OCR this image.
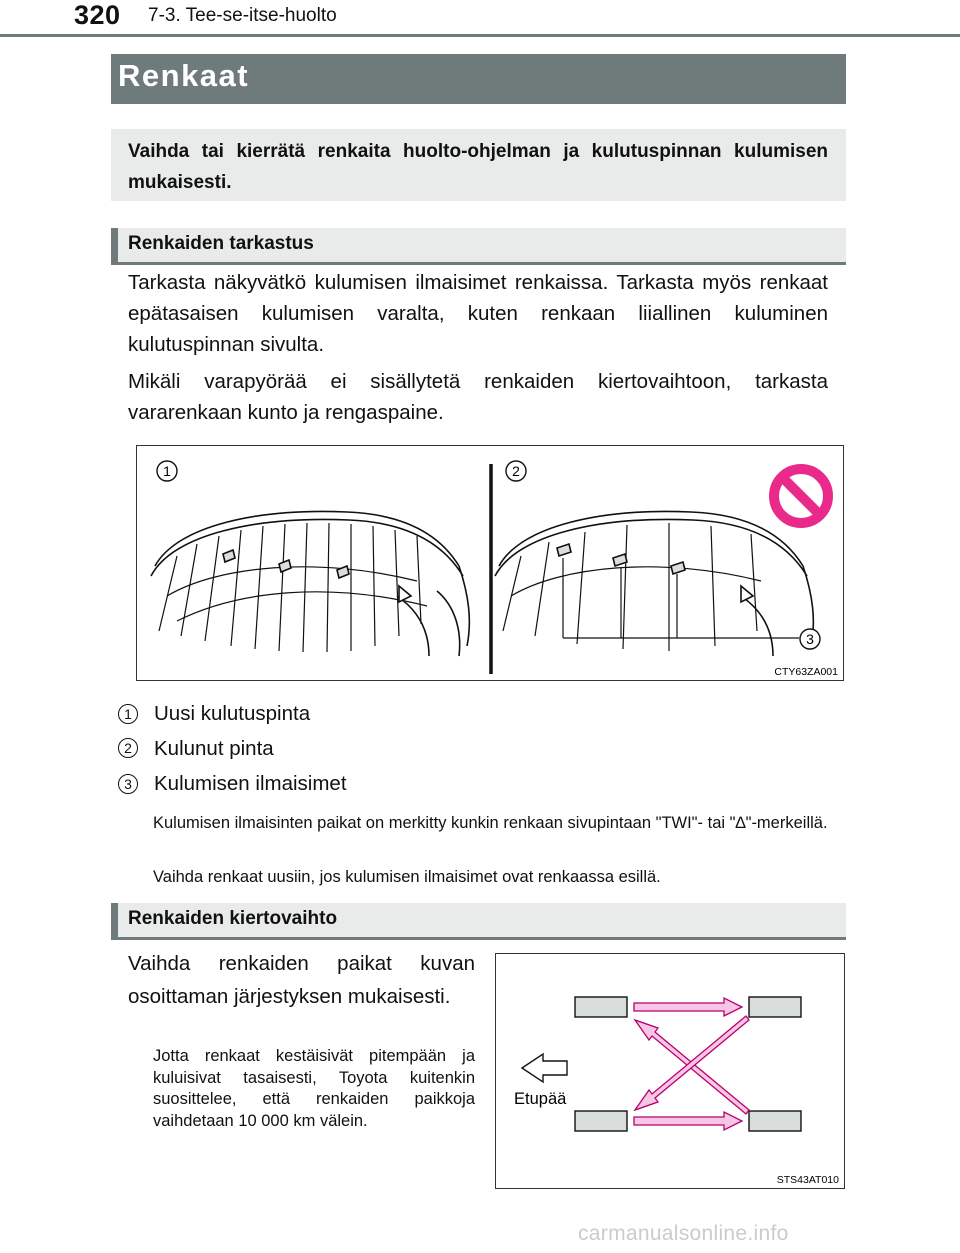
320 7-3. Tee-se-itse-huolto
Renkaat
Vaihda tai kierrätä renkaita huolto-ohjelman ja kulutuspinnan kulumisen mukaisesti.
Renkaiden tarkastus
Tarkasta näkyvätkö kulumisen ilmaisimet renkaissa. Tarkasta myös renkaat epätasaisen kulumisen varalta, kuten renkaan liiallinen kuluminen kulutuspinnan sivulta.
Mikäli varapyörää ei sisällytetä renkaiden kiertovaihtoon, tarkasta vararenkaan kunto ja rengaspaine.
1	2
3
CTY63ZA001
1 Uusi kulutuspinta
2 Kulunut pinta
3 Kulumisen ilmaisimet
Kulumisen ilmaisinten paikat on merkitty kunkin renkaan sivupintaan "TWI"- tai "∆"-merkeillä.
Vaihda renkaat uusiin, jos kulumisen ilmaisimet ovat renkaassa esillä.
Renkaiden kiertovaihto
Vaihda renkaiden paikat kuvan osoittaman järjestyksen mukaisesti.
Jotta renkaat kestäisivät pitempään ja kuluisivat tasaisesti, Toyota kuitenkin suosittelee, että renkaiden paikkoja vaihdetaan 10 000 km välein.
Etupää
STS43AT010
carmanualsonline.info
